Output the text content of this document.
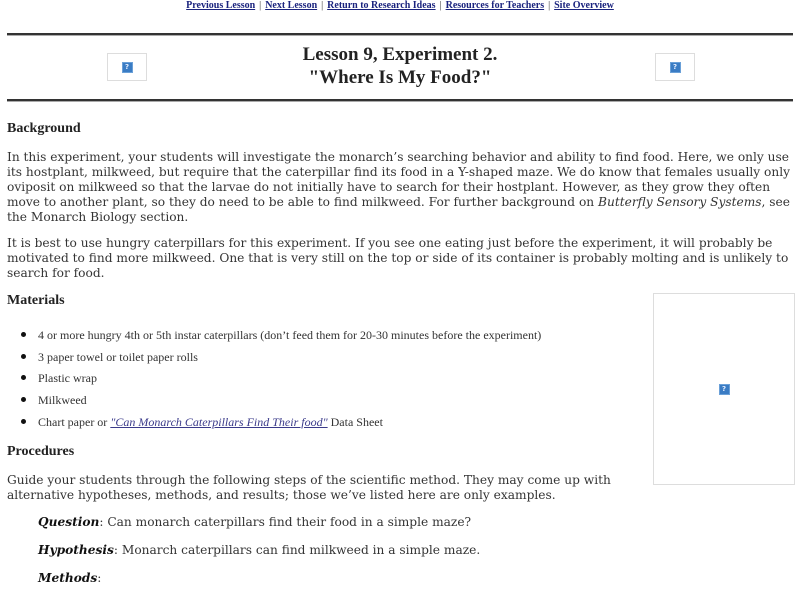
Previous Lesson | Next Lesson | Return to Research Ideas | Resources for Teachers | Site Overview
?
Lesson 9, Experiment 2.
"Where Is My Food?"
?
Background

In this experiment, your students will investigate the monarch’s searching behavior and ability to find food. Here, we only use its hostplant, milkweed, but require that the caterpillar find its food in a Y-shaped maze. We do know that females usually only oviposit on milkweed so that the larvae do not initially have to search for their hostplant. However, as they grow they often move to another plant, so they do need to be able to find milkweed. For further background on Butterfly Sensory Systems, see the Monarch Biology section.

It is best to use hungry caterpillars for this experiment. If you see one eating just before the experiment, it will probably be motivated to find more milkweed. One that is very still on the top or side of its container is probably molting and is unlikely to search for food.

Materials
4 or more hungry 4th or 5th instar caterpillars (don’t feed them for 20-30 minutes before the experiment)
3 paper towel or toilet paper rolls
Plastic wrap
Milkweed
Chart paper or "Can Monarch Caterpillars Find Their food" Data Sheet
?
Procedures

Guide your students through the following steps of the scientific method. They may come up with alternative hypotheses, methods, and results; those we’ve listed here are only examples.

Question: Can monarch caterpillars find their food in a simple maze?

Hypothesis: Monarch caterpillars can find milkweed in a simple maze.

Methods:
